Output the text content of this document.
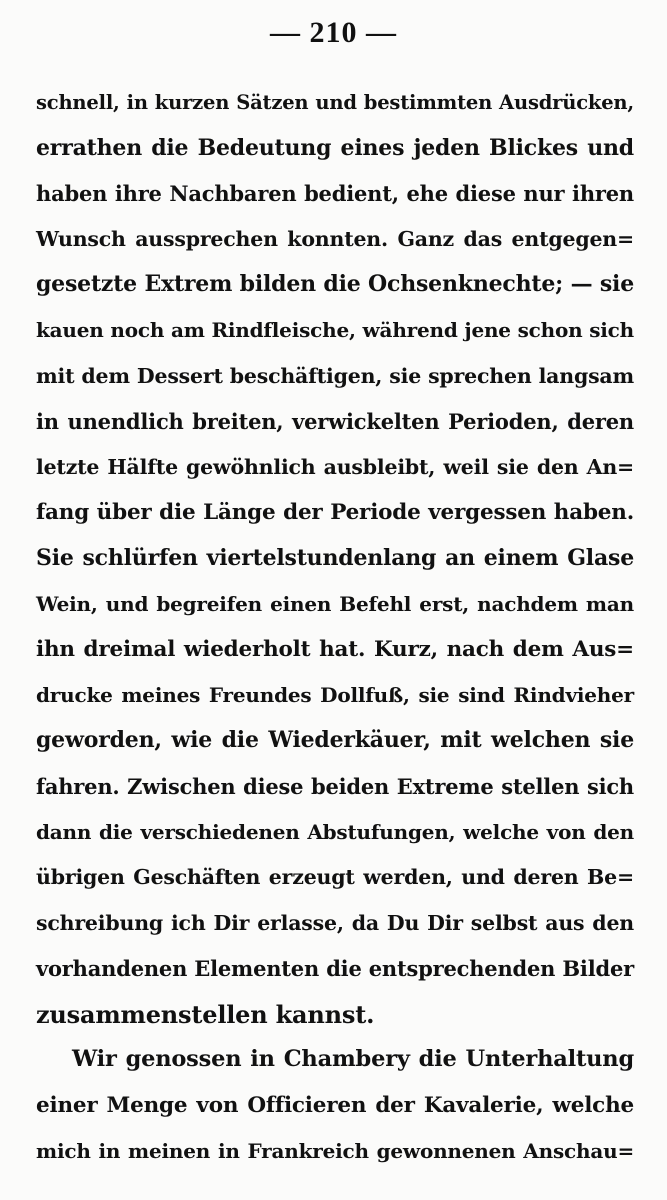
— 210 —
schnell, in kurzen Sätzen und bestimmten Ausdrücken,
errathen die Bedeutung eines jeden Blickes und
haben ihre Nachbaren bedient, ehe diese nur ihren
Wunsch aussprechen konnten. Ganz das entgegen=
gesetzte Extrem bilden die Ochsenknechte; — sie
kauen noch am Rindfleische, während jene schon sich
mit dem Dessert beschäftigen, sie sprechen langsam
in unendlich breiten, verwickelten Perioden, deren
letzte Hälfte gewöhnlich ausbleibt, weil sie den An=
fang über die Länge der Periode vergessen haben.
Sie schlürfen viertelstundenlang an einem Glase
Wein, und begreifen einen Befehl erst, nachdem man
ihn dreimal wiederholt hat. Kurz, nach dem Aus=
drucke meines Freundes Dollfuß, sie sind Rindvieher
geworden, wie die Wiederkäuer, mit welchen sie
fahren. Zwischen diese beiden Extreme stellen sich
dann die verschiedenen Abstufungen, welche von den
übrigen Geschäften erzeugt werden, und deren Be=
schreibung ich Dir erlasse, da Du Dir selbst aus den
vorhandenen Elementen die entsprechenden Bilder
zusammenstellen kannst.
Wir genossen in Chambery die Unterhaltung
einer Menge von Officieren der Kavalerie, welche
mich in meinen in Frankreich gewonnenen Anschau=
